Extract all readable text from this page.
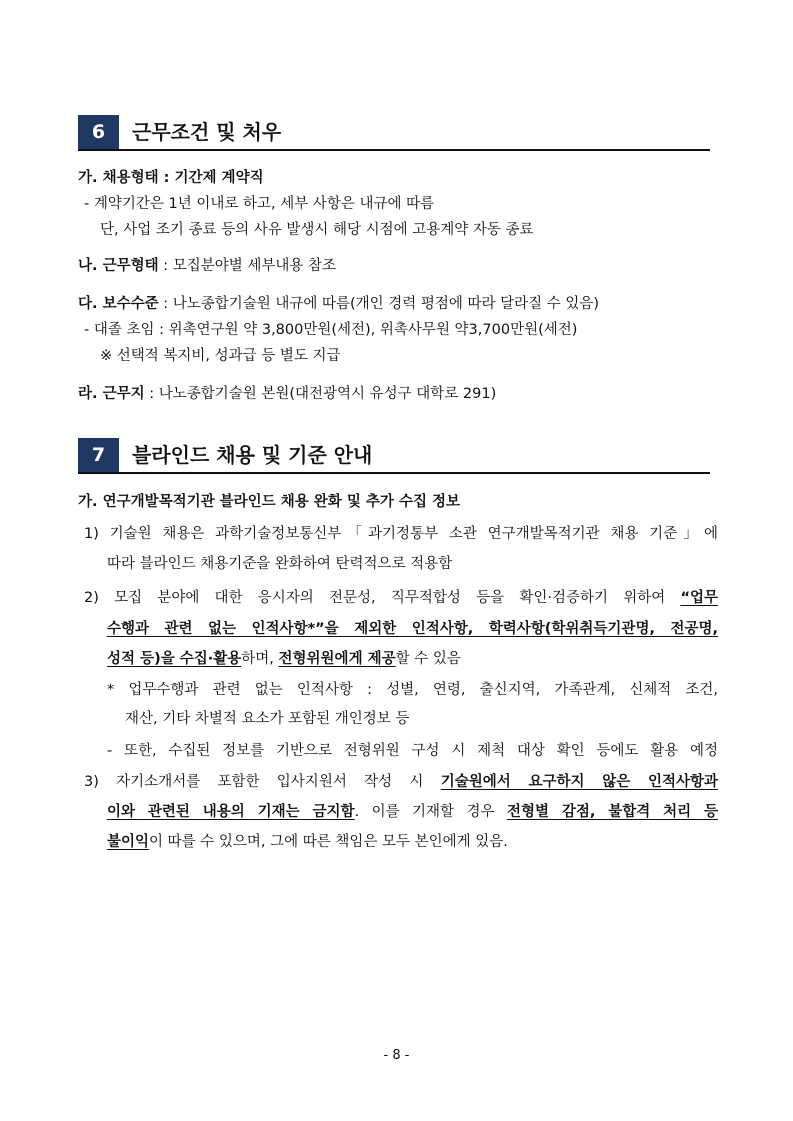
6	근무조건 및 처우
가. 채용형태 : 기간제 계약직
- 계약기간은 1년 이내로 하고, 세부 사항은 내규에 따름
단, 사업 조기 종료 등의 사유 발생시 해당 시점에 고용계약 자동 종료
나. 근무형태 : 모집분야별 세부내용 참조
다. 보수수준 : 나노종합기술원 내규에 따름(개인 경력 평점에 따라 달라질 수 있음)
- 대졸 초임 : 위촉연구원 약 3,800만원(세전), 위촉사무원 약3,700만원(세전)
※ 선택적 복지비, 성과급 등 별도 지급
라. 근무지 : 나노종합기술원 본원(대전광역시 유성구 대학로 291)
7	블라인드 채용 및 기준 안내
가. 연구개발목적기관 블라인드 채용 완화 및 추가 수집 정보
1) 기술원 채용은 과학기술정보통신부「과기정통부 소관 연구개발목적기관 채용 기준」에
따라 블라인드 채용기준을 완화하여 탄력적으로 적용함
2) 모집 분야에 대한 응시자의 전문성, 직무적합성 등을 확인·검증하기 위하여 “업무
수행과 관련 없는 인적사항*”을 제외한 인적사항, 학력사항(학위취득기관명, 전공명,
성적 등)을 수집·활용하며, 전형위원에게 제공할 수 있음
* 업무수행과 관련 없는 인적사항 : 성별, 연령, 출신지역, 가족관계, 신체적 조건,
재산, 기타 차별적 요소가 포함된 개인정보 등
- 또한, 수집된 정보를 기반으로 전형위원 구성 시 제척 대상 확인 등에도 활용 예정
3) 자기소개서를 포함한 입사지원서 작성 시 기술원에서 요구하지 않은 인적사항과
이와 관련된 내용의 기재는 금지함. 이를 기재할 경우 전형별 감점, 불합격 처리 등
불이익이 따를 수 있으며, 그에 따른 책임은 모두 본인에게 있음.
- 8 -
